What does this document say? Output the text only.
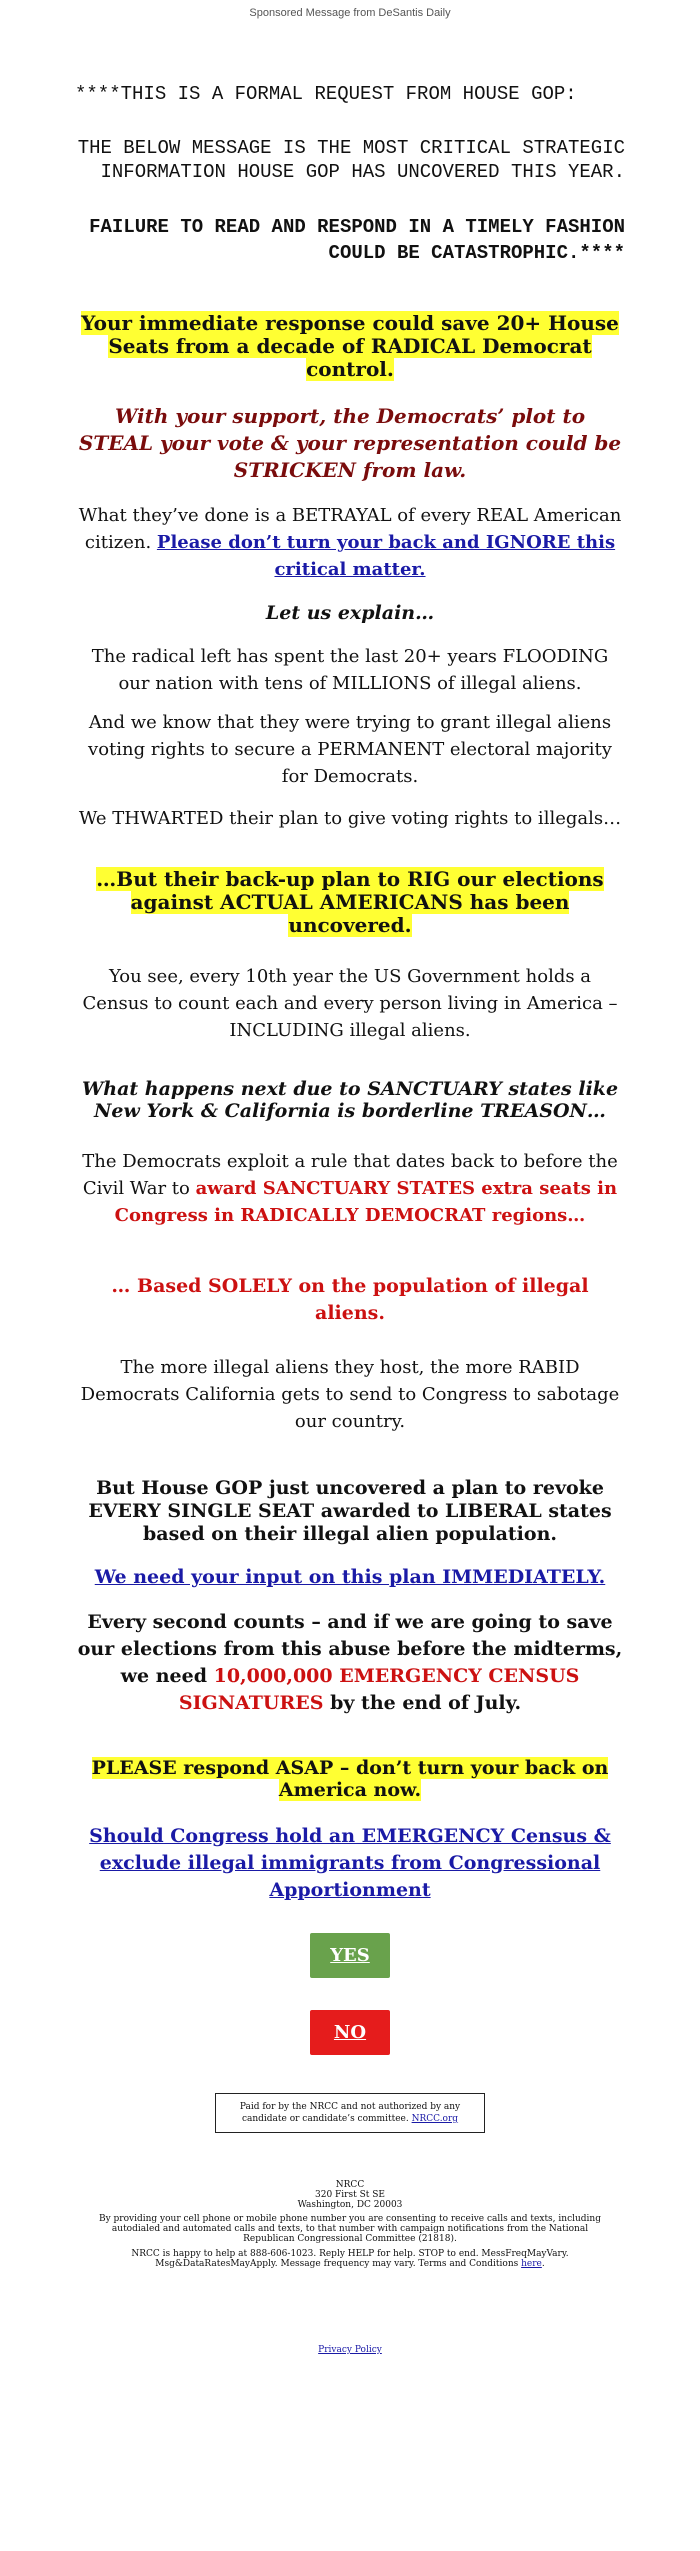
Sponsored Message from DeSantis Daily

****THIS IS A FORMAL REQUEST FROM HOUSE GOP:

THE BELOW MESSAGE IS THE MOST CRITICAL STRATEGIC INFORMATION HOUSE GOP HAS UNCOVERED THIS YEAR.

FAILURE TO READ AND RESPOND IN A TIMELY FASHION COULD BE CATASTROPHIC.****

Your immediate response could save 20+ House Seats from a decade of RADICAL Democrat control.

With your support, the Democrats’ plot to STEAL your vote & your representation could be STRICKEN from law.

What they’ve done is a BETRAYAL of every REAL American citizen. Please don’t turn your back and IGNORE this critical matter.

Let us explain…

The radical left has spent the last 20+ years FLOODING our nation with tens of MILLIONS of illegal aliens.

And we know that they were trying to grant illegal aliens voting rights to secure a PERMANENT electoral majority for Democrats.

We THWARTED their plan to give voting rights to illegals…

…But their back-up plan to RIG our elections against ACTUAL AMERICANS has been uncovered.

You see, every 10th year the US Government holds a Census to count each and every person living in America – INCLUDING illegal aliens.

What happens next due to SANCTUARY states like New York & California is borderline TREASON…

The Democrats exploit a rule that dates back to before the Civil War to award SANCTUARY STATES extra seats in Congress in RADICALLY DEMOCRAT regions…

… Based SOLELY on the population of illegal aliens.

The more illegal aliens they host, the more RABID Democrats California gets to send to Congress to sabotage our country.

But House GOP just uncovered a plan to revoke EVERY SINGLE SEAT awarded to LIBERAL states based on their illegal alien population.

We need your input on this plan IMMEDIATELY.

Every second counts – and if we are going to save our elections from this abuse before the midterms, we need 10,000,000 EMERGENCY CENSUS SIGNATURES by the end of July.

PLEASE respond ASAP – don’t turn your back on America now.

Should Congress hold an EMERGENCY Census & exclude illegal immigrants from Congressional Apportionment

YES
NO
Paid for by the NRCC and not authorized by any candidate or candidate’s committee. NRCC.org
NRCC
320 First St SE
Washington, DC 20003
By providing your cell phone or mobile phone number you are consenting to receive calls and texts, including autodialed and automated calls and texts, to that number with campaign notifications from the National Republican Congressional Committee (21818).
NRCC is happy to help at 888-606-1023. Reply HELP for help. STOP to end. MessFreqMayVary. Msg&DataRatesMayApply. Message frequency may vary. Terms and Conditions here.
Privacy Policy
